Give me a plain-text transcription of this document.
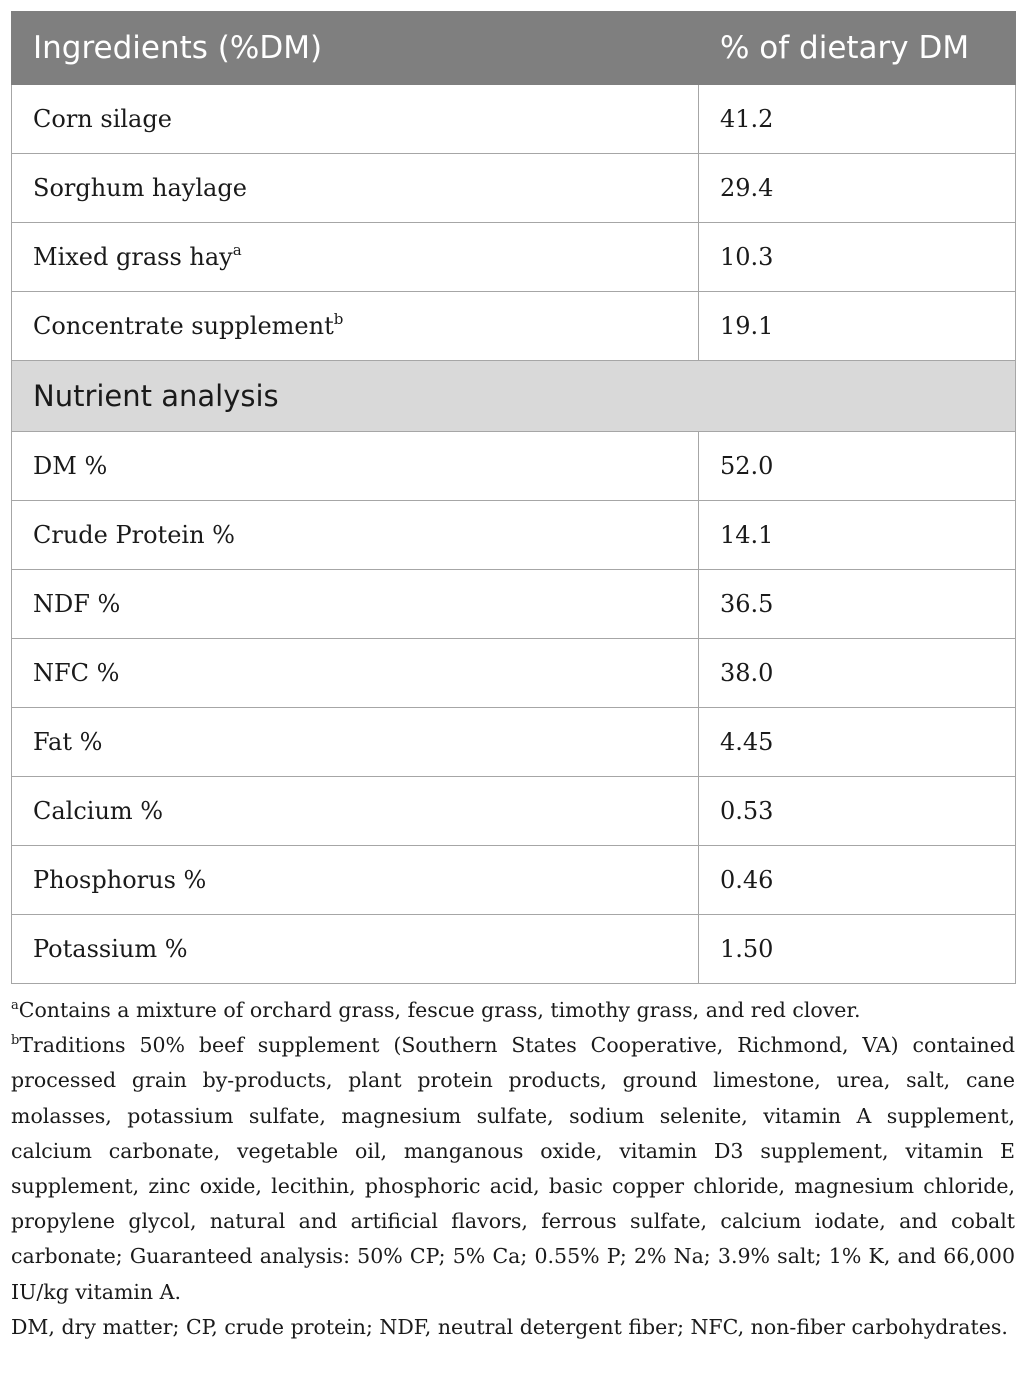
Ingredients (%DM)	% of dietary DM
Corn silage	41.2
Sorghum haylage	29.4
Mixed grass hay$^a$	10.3
Concentrate supplement$^b$	19.1
Nutrient analysis	
DM %	52.0
Crude Protein %	14.1
NDF %	36.5
NFC %	38.0
Fat %	4.45
Calcium %	0.53
Phosphorus %	0.46
Potassium %	1.50

$^a$Contains a mixture of orchard grass, fescue grass, timothy grass, and red clover.

$^b$Traditions 50% beef supplement (Southern States Cooperative, Richmond, VA) contained processed grain by-products, plant protein products, ground limestone, urea, salt, cane molasses, potassium sulfate, magnesium sulfate, sodium selenite, vitamin A supplement, calcium carbonate, vegetable oil, manganous oxide, vitamin D3 supplement, vitamin E supplement, zinc oxide, lecithin, phosphoric acid, basic copper chloride, magnesium chloride, propylene glycol, natural and artificial flavors, ferrous sulfate, calcium iodate, and cobalt carbonate; Guaranteed analysis: 50% CP; 5% Ca; 0.55% P; 2% Na; 3.9% salt; 1% K, and 66,000 IU/kg vitamin A.

DM, dry matter; CP, crude protein; NDF, neutral detergent fiber; NFC, non-fiber carbohydrates.
